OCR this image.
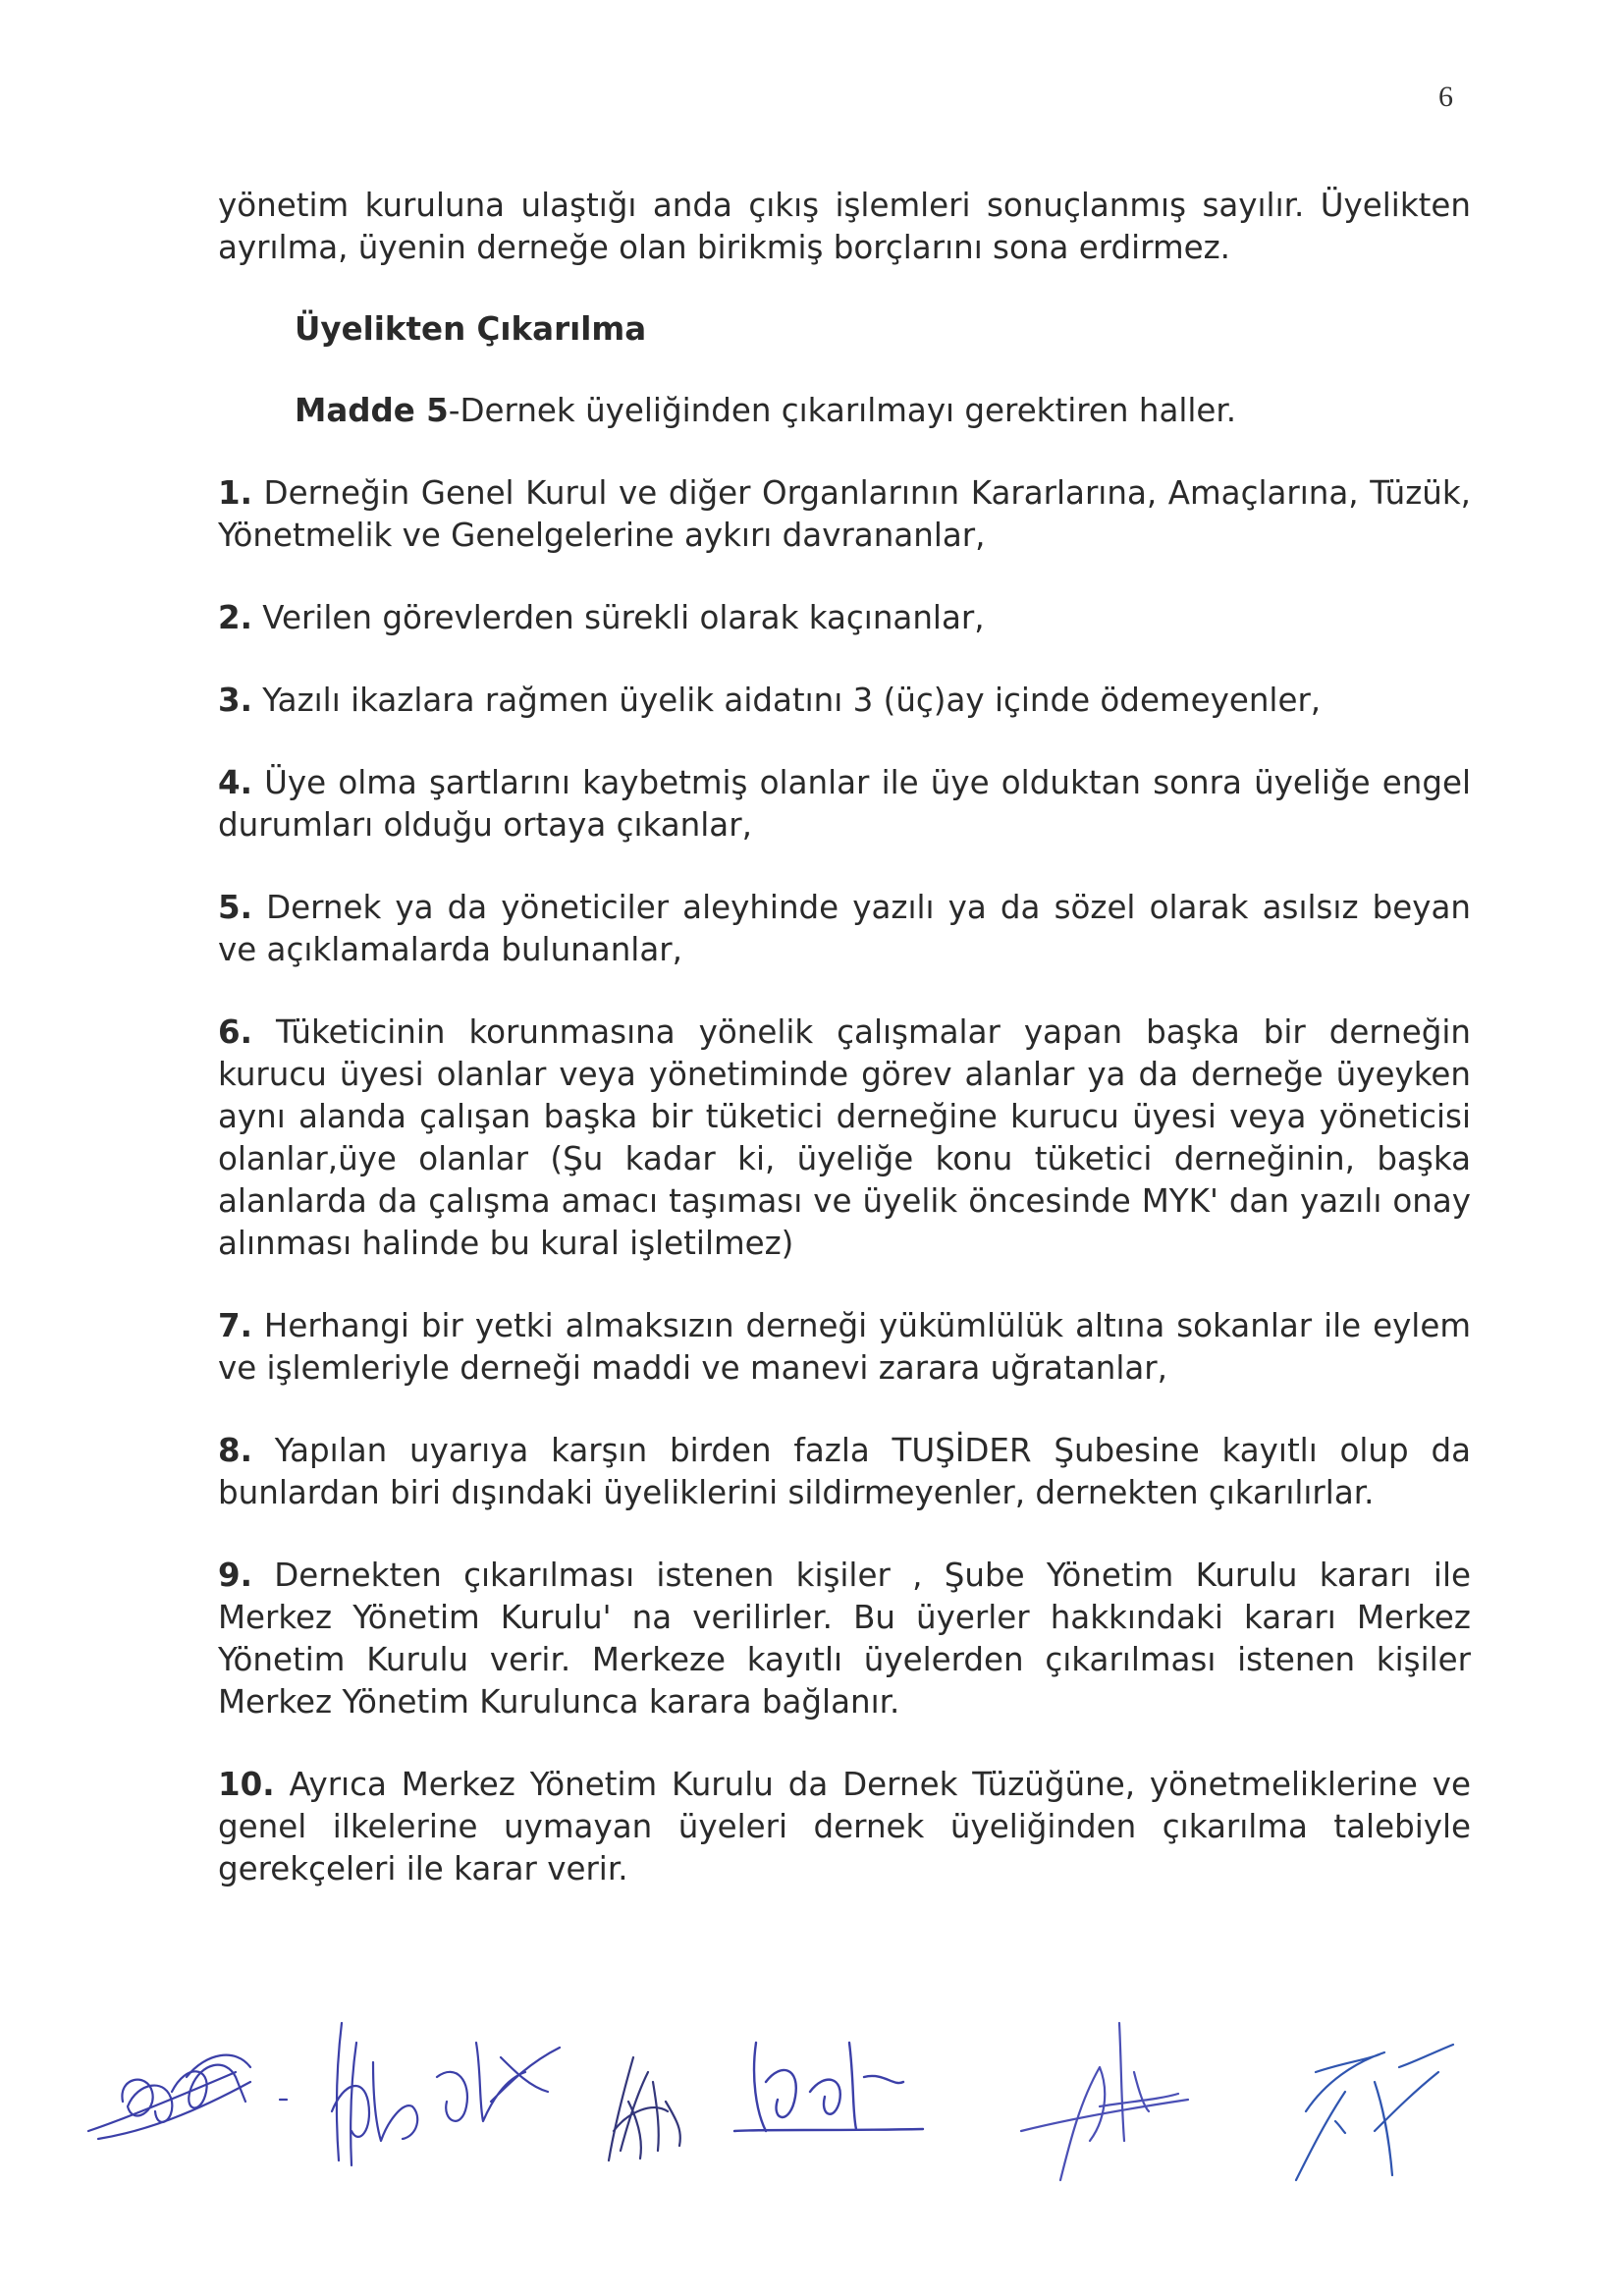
6

yönetim kuruluna ulaştığı anda çıkış işlemleri sonuçlanmış sayılır. Üyelikten ayrılma, üyenin derneğe olan birikmiş borçlarını sona erdirmez.

Üyelikten Çıkarılma

Madde 5-Dernek üyeliğinden çıkarılmayı gerektiren haller.

1. Derneğin Genel Kurul ve diğer Organlarının Kararlarına, Amaçlarına, Tüzük, Yönetmelik ve Genelgelerine aykırı davrananlar,

2. Verilen görevlerden sürekli olarak kaçınanlar,

3. Yazılı ikazlara rağmen üyelik aidatını 3 (üç)ay içinde ödemeyenler,

4. Üye olma şartlarını kaybetmiş olanlar ile üye olduktan sonra üyeliğe engel durumları olduğu ortaya çıkanlar,

5. Dernek ya da yöneticiler aleyhinde yazılı ya da sözel olarak asılsız beyan ve açıklamalarda bulunanlar,

6. Tüketicinin korunmasına yönelik çalışmalar yapan başka bir derneğin kurucu üyesi olanlar veya yönetiminde görev alanlar ya da derneğe üyeyken aynı alanda çalışan başka bir tüketici derneğine kurucu üyesi veya yöneticisi olanlar,üye olanlar (Şu kadar ki, üyeliğe konu tüketici derneğinin, başka alanlarda da çalışma amacı taşıması ve üyelik öncesinde MYK' dan yazılı onay alınması halinde bu kural işletilmez)

7. Herhangi bir yetki almaksızın derneği yükümlülük altına sokanlar ile eylem ve işlemleriyle derneği maddi ve manevi zarara uğratanlar,

8. Yapılan uyarıya karşın birden fazla TUŞİDER Şubesine kayıtlı olup da bunlardan biri dışındaki üyeliklerini sildirmeyenler, dernekten çıkarılırlar.

9. Dernekten çıkarılması istenen kişiler , Şube Yönetim Kurulu kararı ile Merkez Yönetim Kurulu' na verilirler. Bu üyerler hakkındaki kararı Merkez Yönetim Kurulu verir. Merkeze kayıtlı üyelerden çıkarılması istenen kişiler Merkez Yönetim Kurulunca karara bağlanır.

10. Ayrıca Merkez Yönetim Kurulu da Dernek Tüzüğüne, yönetmeliklerine ve genel ilkelerine uymayan üyeleri dernek üyeliğinden çıkarılma talebiyle gerekçeleri ile karar verir.
